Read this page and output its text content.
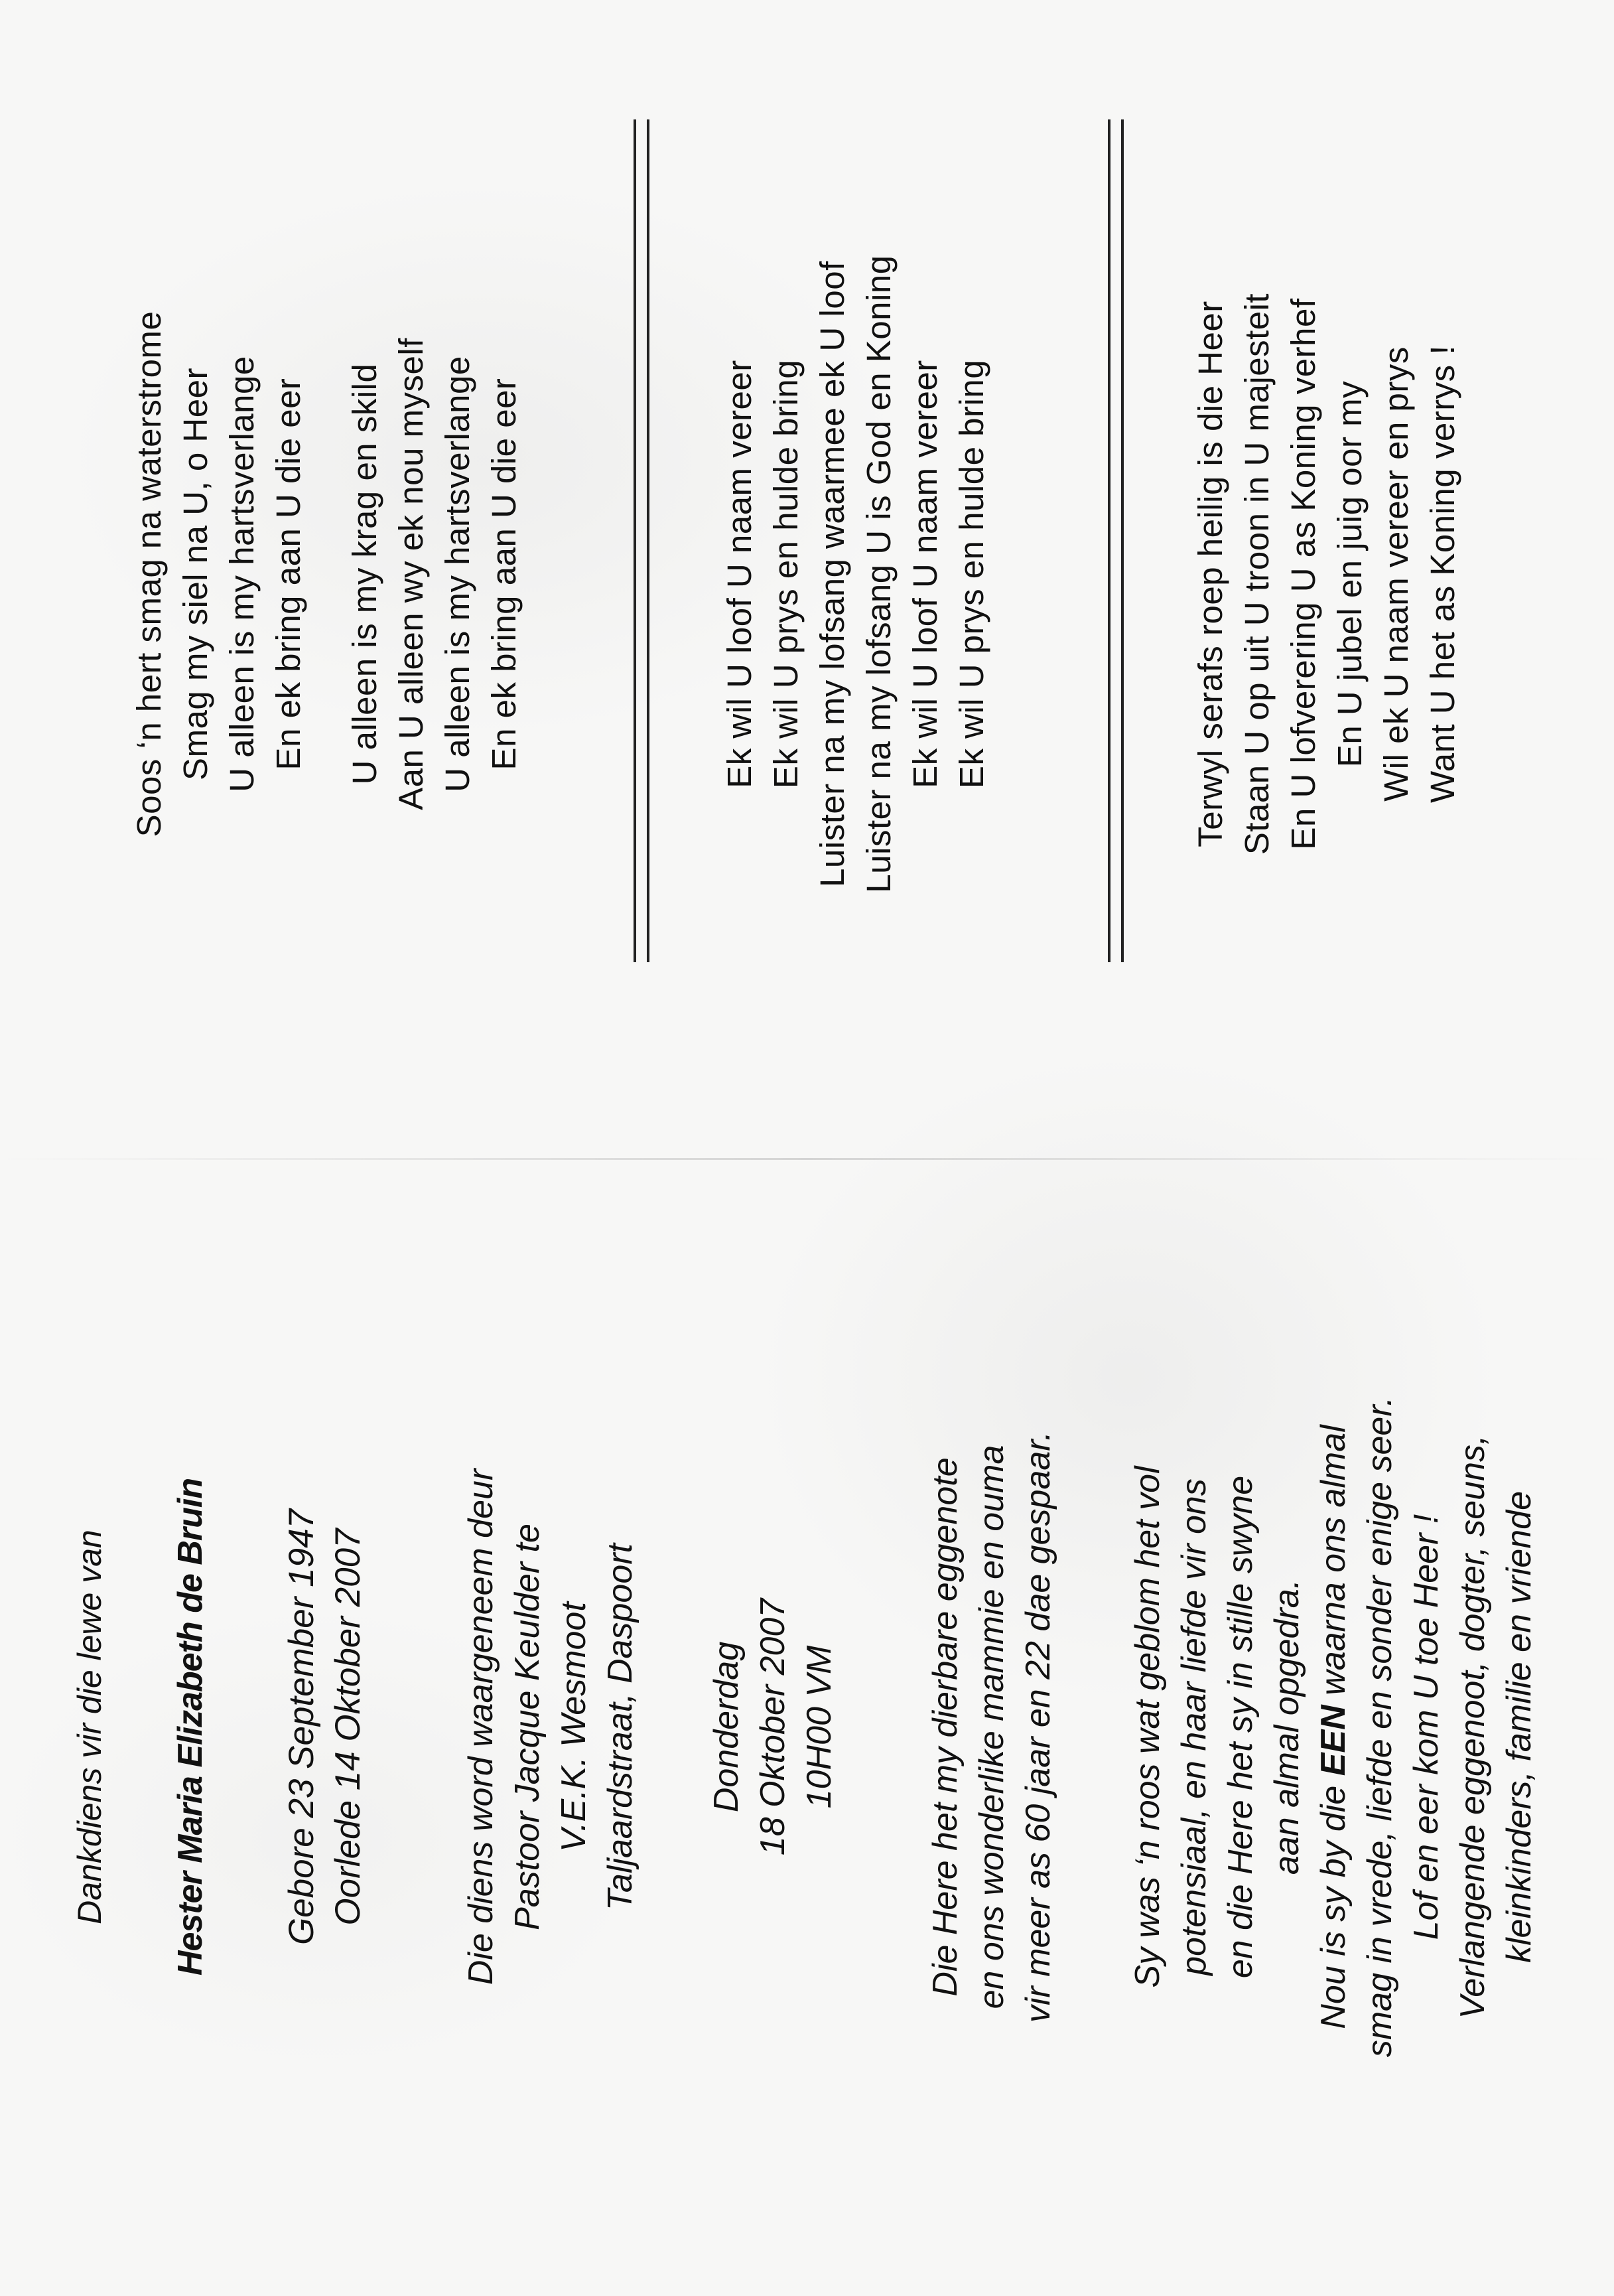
Soos ‘n hert smag na waterstrome Smag my siel na U, o Heer U alleen is my hartsverlange En ek bring aan U die eer U alleen is my krag en skild Aan U alleen wy ek nou myself U alleen is my hartsverlange En ek bring aan U die eer	Ek wil U loof U naam vereer Ek wil U prys en hulde bring Luister na my lofsang waarmee ek U loof Luister na my lofsang U is God en Koning Ek wil U loof U naam vereer Ek wil U prys en hulde bring	Terwyl serafs roep heilig is die Heer Staan U op uit U troon in U majesteit En U lofverering U as Koning verhef En U jubel en juig oor my Wil ek U naam vereer en prys Want U het as Koning verrys !
Dankdiens vir die lewe van Hester Maria Elizabeth de Bruin Gebore 23 September 1947 Oorlede 14 Oktober 2007	Die diens word waargeneem deur Pastoor Jacque Keulder te V.E.K. Wesmoot Taljaardstraat, Daspoort Donderdag 18 Oktober 2007 10H00 VM	Die Here het my dierbare eggenote en ons wonderlike mammie en ouma vir meer as 60 jaar en 22 dae gespaar. Sy was ‘n roos wat geblom het vol potensiaal, en haar liefde vir ons en die Here het sy in stille swyne aan almal opgedra.
Nou is sy by die EEN waarna ons almal smag in vrede, liefde en sonder enige seer. Lof en eer kom U toe Heer ! Verlangende eggenoot, dogter, seuns, kleinkinders, familie en vriende
